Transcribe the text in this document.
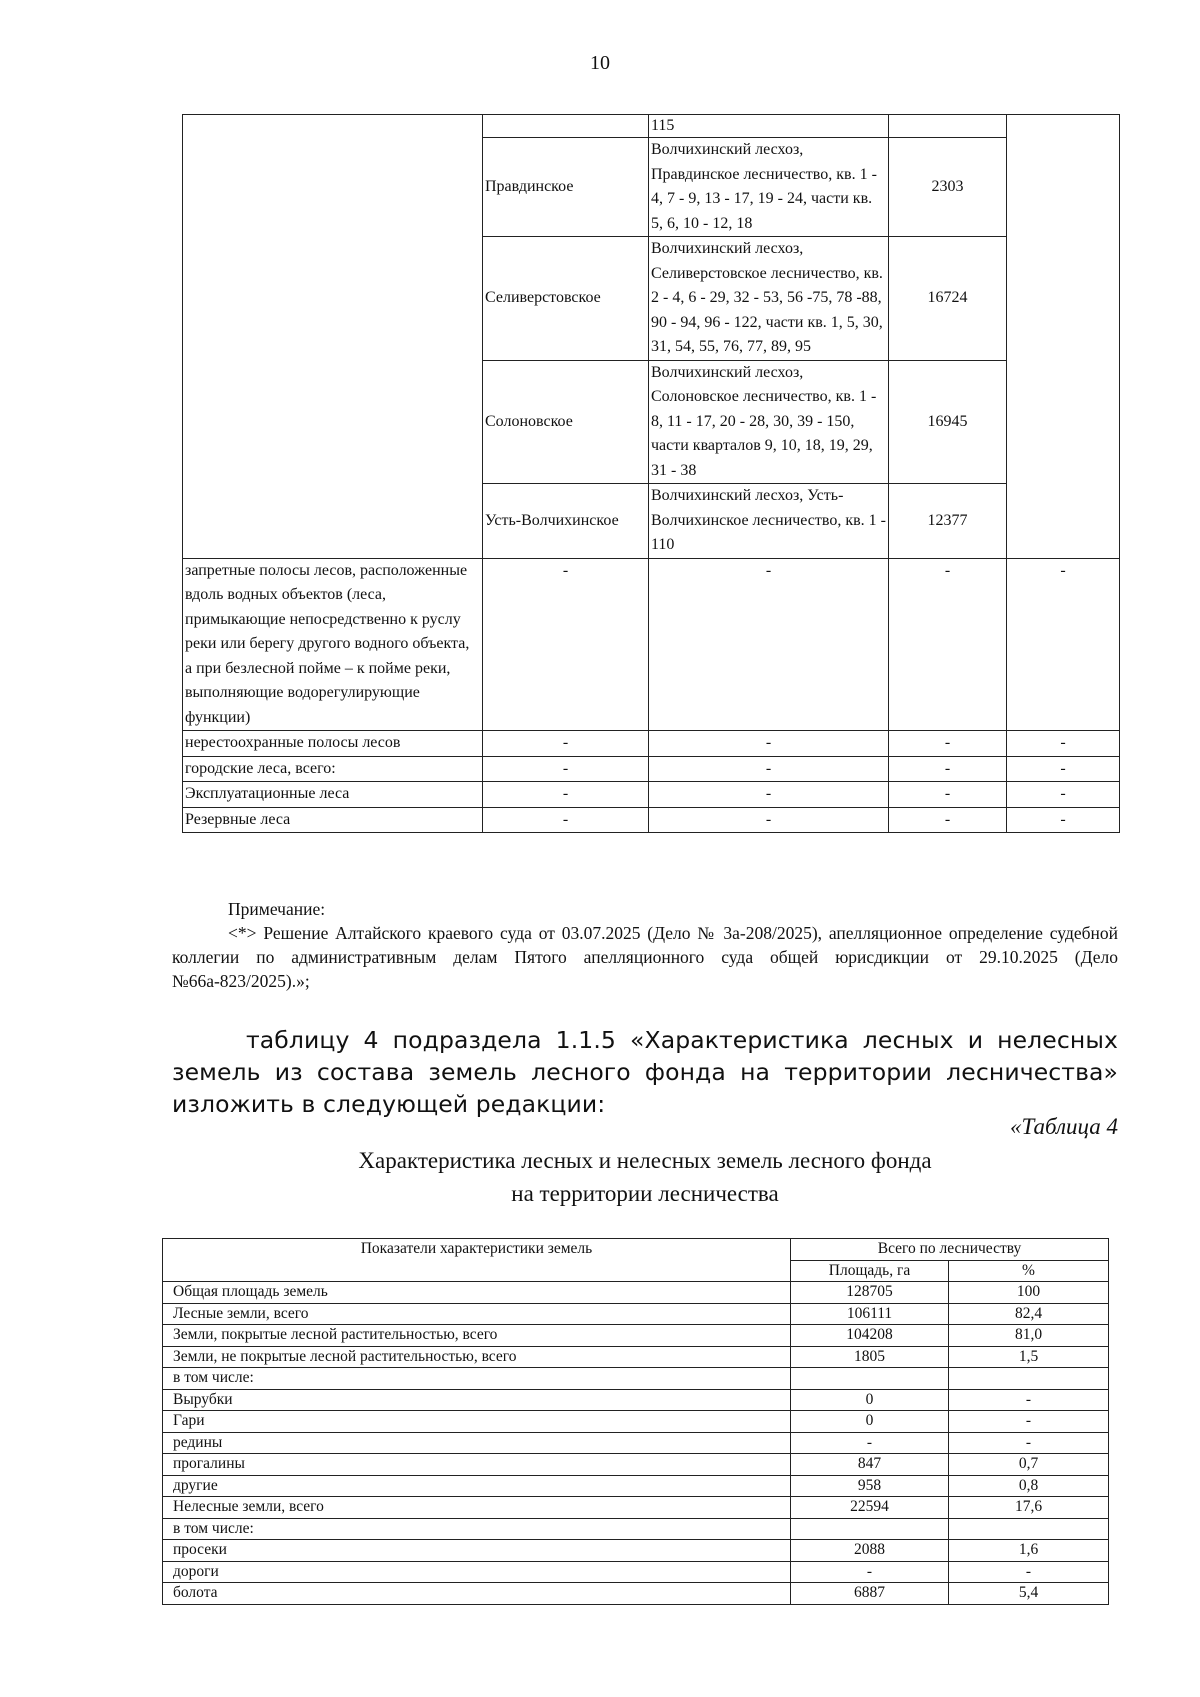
10
		115		
	Правдинское	Волчихинский лесхоз, Правдинское лесничество, кв. 1 - 4, 7 - 9, 13 - 17, 19 - 24, части кв. 5, 6, 10 - 12, 18	2303	
	Селиверстовское	Волчихинский лесхоз, Селиверстовское лесничество, кв. 2 - 4, 6 - 29, 32 - 53, 56 -75, 78 -88, 90 - 94, 96 - 122, части кв. 1, 5, 30, 31, 54, 55, 76, 77, 89, 95	16724	
	Солоновское	Волчихинский лесхоз, Солоновское лесничество, кв. 1 - 8, 11 - 17, 20 - 28, 30, 39 - 150, части кварталов 9, 10, 18, 19, 29, 31 - 38	16945	
	Усть-Волчихинское	Волчихинский лесхоз, Усть-Волчихинское лесничество, кв. 1 - 110	12377	
запретные полосы лесов, расположенные вдоль водных объектов (леса, примыкающие непосредственно к руслу реки или берегу другого водного объекта, а при безлесной пойме – к пойме реки, выполняющие водорегулирующие функции)	-	-	-	-
нерестоохранные полосы лесов	-	-	-	-
городские леса, всего:	-	-	-	-
Эксплуатационные леса	-	-	-	-
Резервные леса	-	-	-	-
Примечание:
<*> Решение Алтайского краевого суда от 03.07.2025 (Дело № 3а-208/2025), апелляционное определение судебной коллегии по административным делам Пятого апелляционного суда общей юрисдикции от 29.10.2025 (Дело №66а-823/2025).»;
таблицу 4 подраздела 1.1.5 «Характеристика лесных и нелесных земель из состава земель лесного фонда на территории лесничества» изложить в следующей редакции:
«Таблица 4
Характеристика лесных и нелесных земель лесного фонда
на территории лесничества
Показатели характеристики земель	Всего по лесничеству	
	Площадь, га	%
Общая площадь земель	128705	100
Лесные земли, всего	106111	82,4
Земли, покрытые лесной растительностью, всего	104208	81,0
Земли, не покрытые лесной растительностью, всего	1805	1,5
в том числе:		
Вырубки	0	-
Гари	0	-
редины	-	-
прогалины	847	0,7
другие	958	0,8
Нелесные земли, всего	22594	17,6
в том числе:		
просеки	2088	1,6
дороги	-	-
болота	6887	5,4
